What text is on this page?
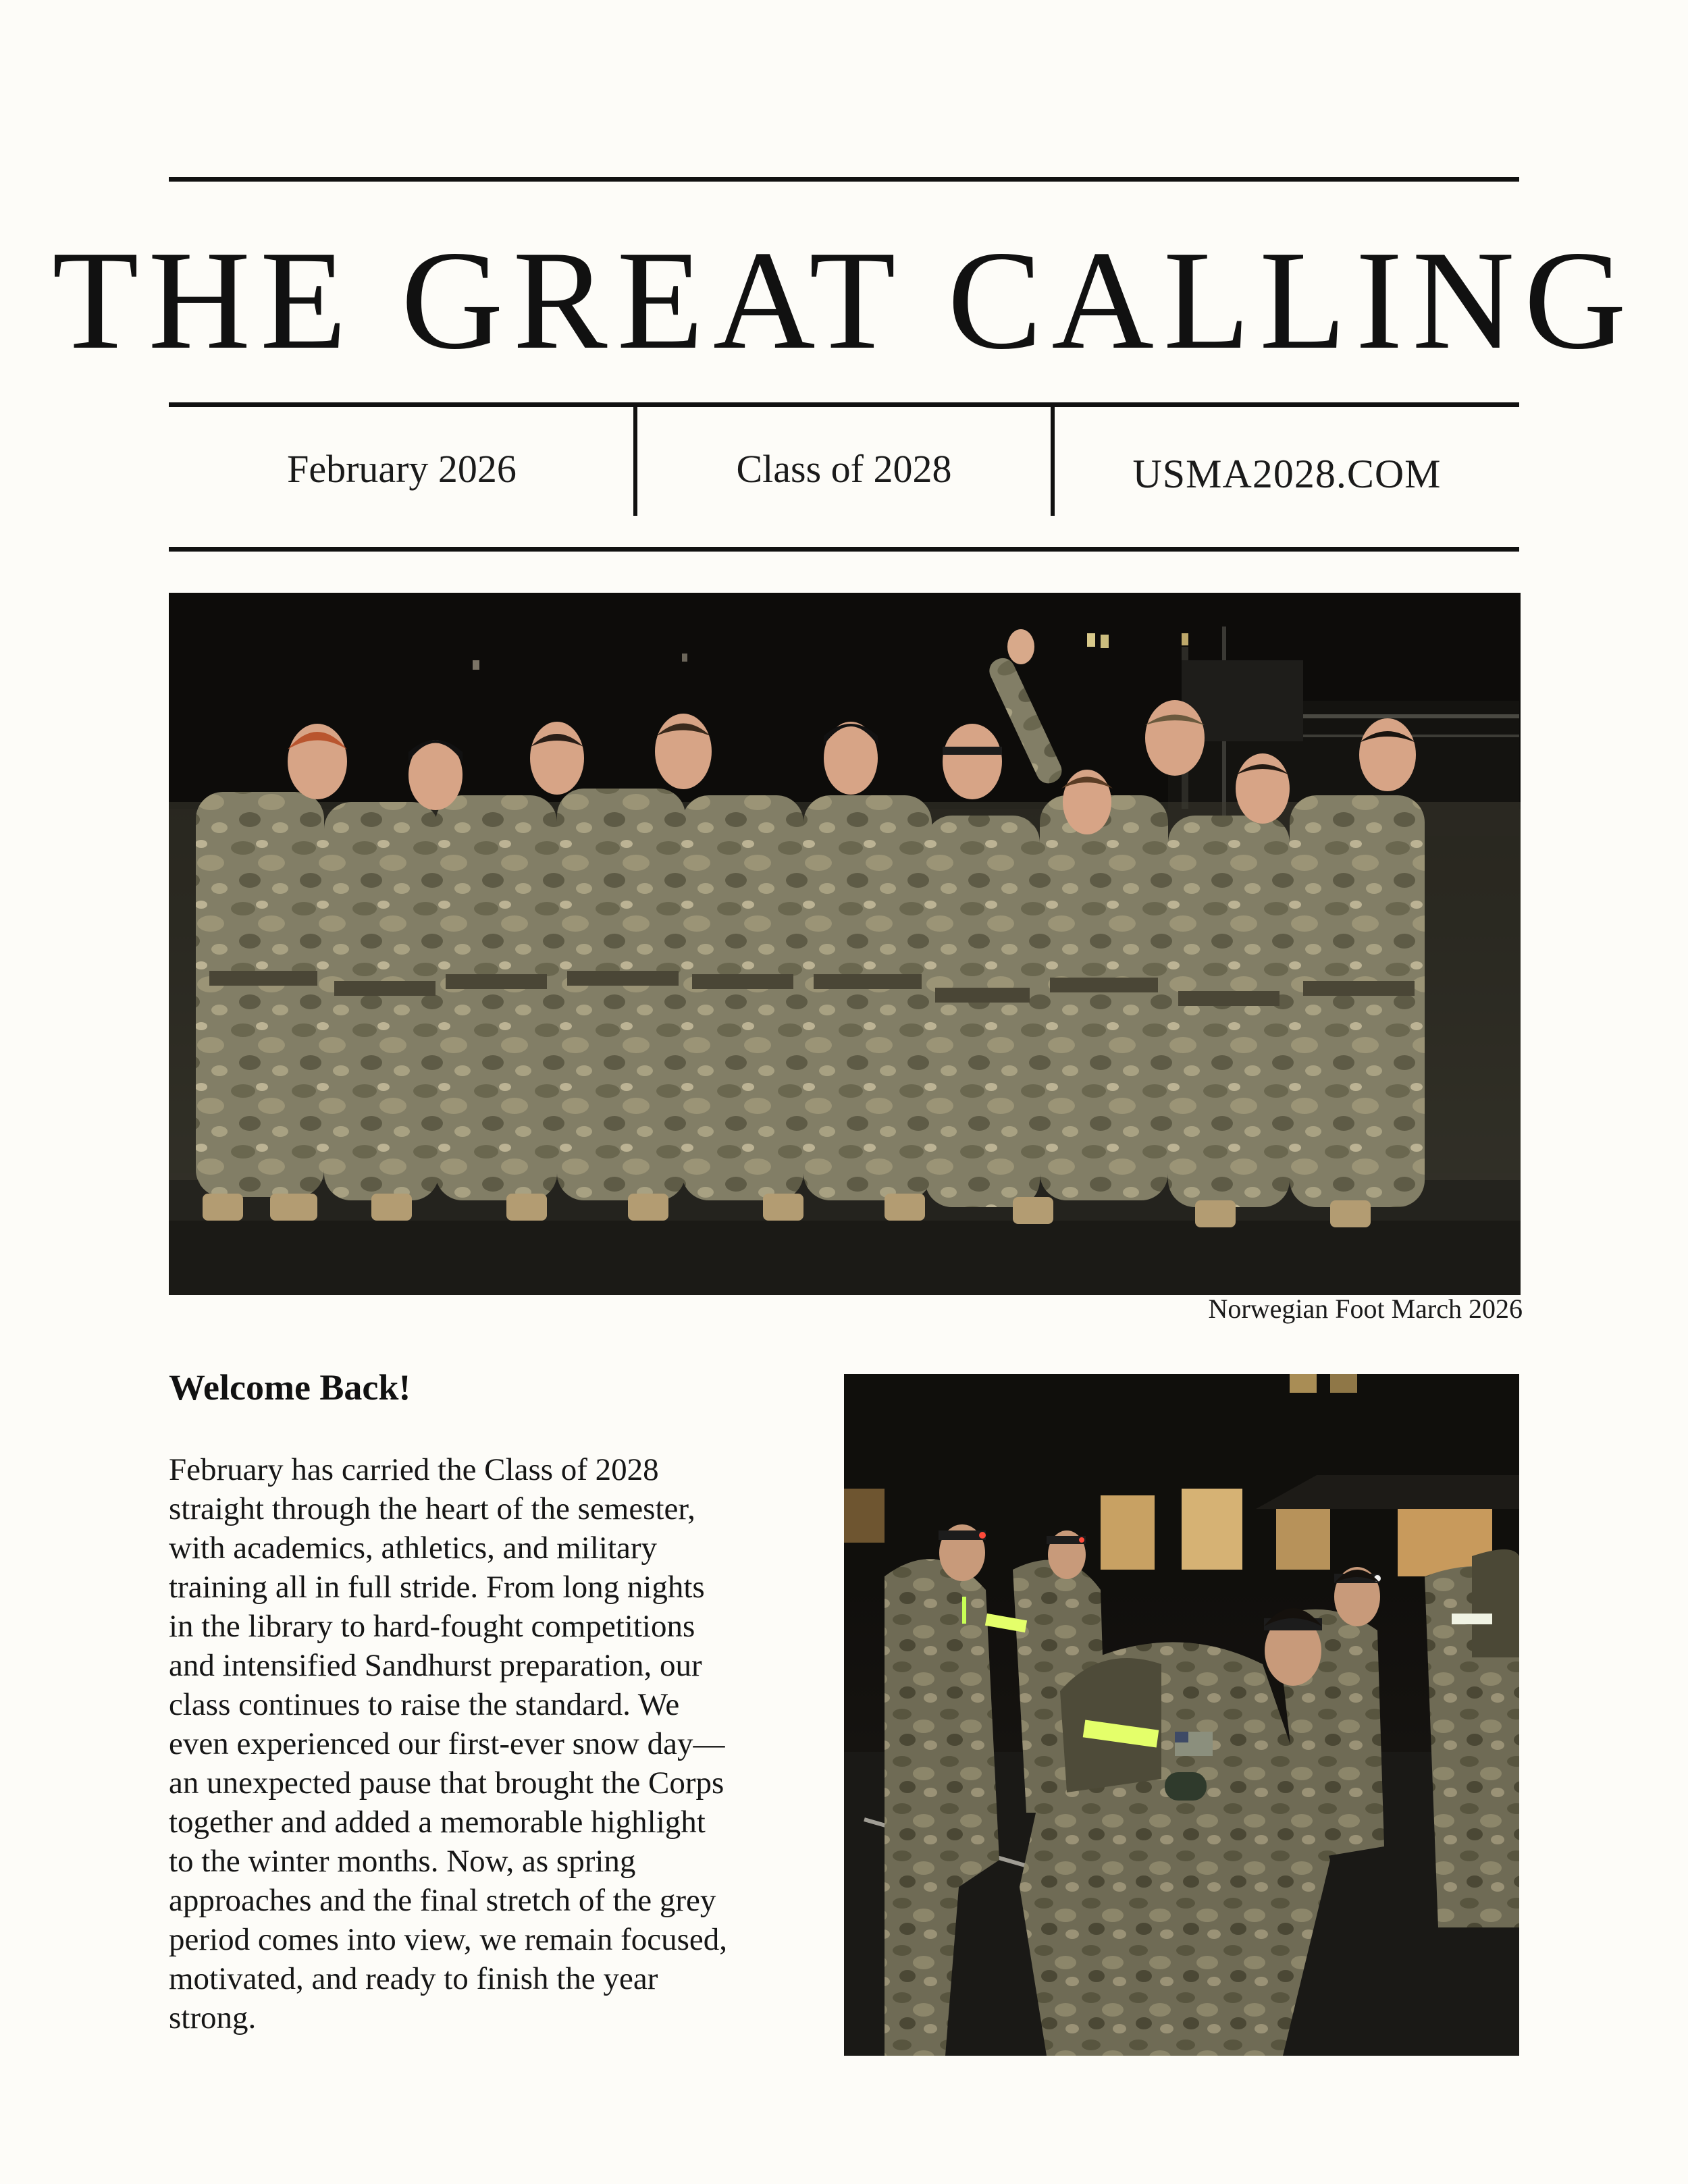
THE GREAT CALLING
February 2026	Class of 2028	USMA2028.COM
Norwegian Foot March 2026
Welcome Back!
February has carried the Class of 2028
straight through the heart of the semester,
with academics, athletics, and military
training all in full stride. From long nights
in the library to hard-fought competitions
and intensified Sandhurst preparation, our
class continues to raise the standard. We
even experienced our first-ever snow day—
an unexpected pause that brought the Corps
together and added a memorable highlight
to the winter months. Now, as spring
approaches and the final stretch of the grey
period comes into view, we remain focused,
motivated, and ready to finish the year
strong.
